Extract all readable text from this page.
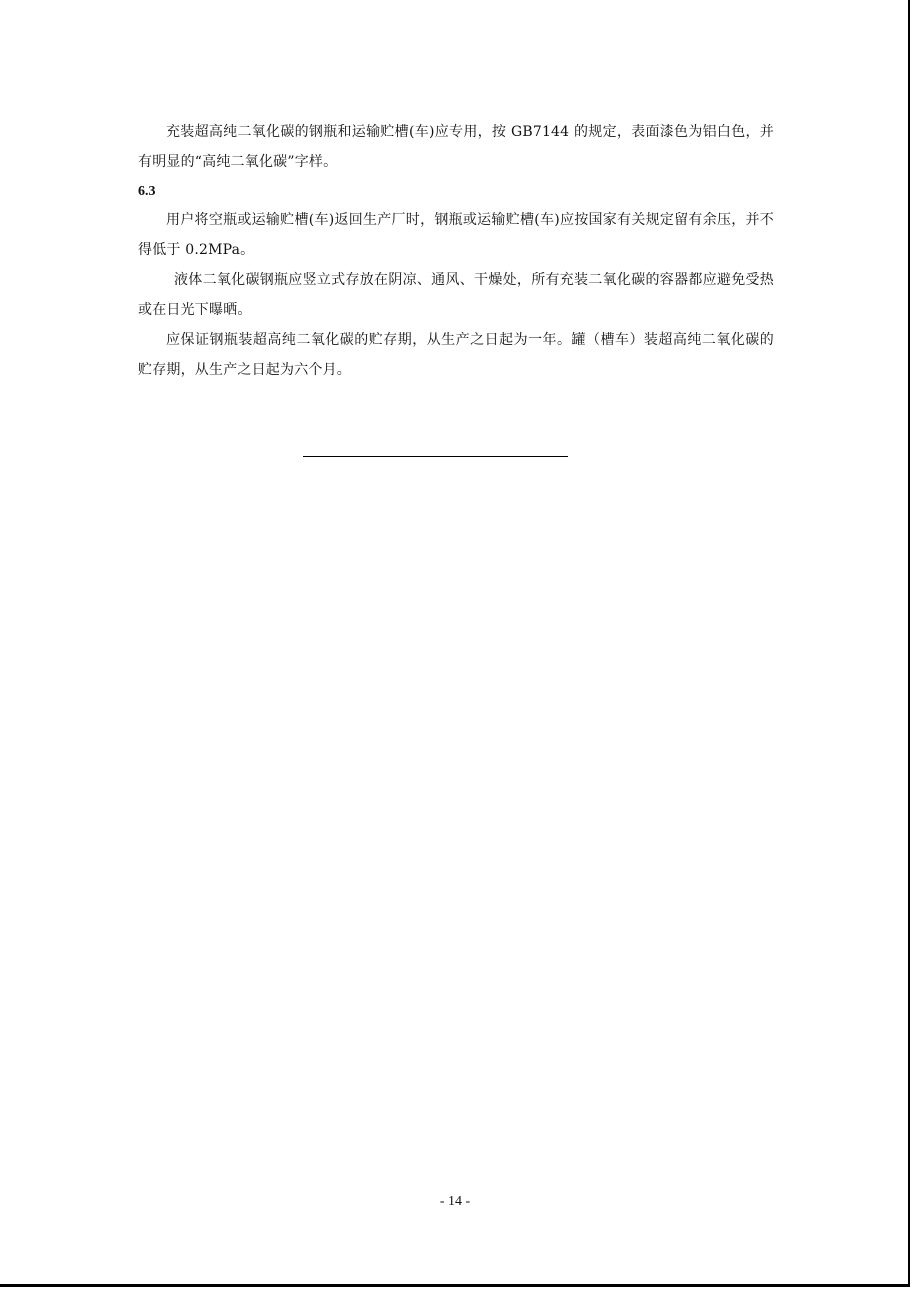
充装超高纯二氧化碳的钢瓶和运输贮槽(车)应专用，按 GB7144 的规定，表面漆色为铝白色，并有明显的“高纯二氧化碳”字样。

6.3

用户将空瓶或运输贮槽(车)返回生产厂时，钢瓶或运输贮槽(车)应按国家有关规定留有余压，并不得低于 0.2MPa。

液体二氧化碳钢瓶应竖立式存放在阴凉、通风、干燥处，所有充装二氧化碳的容器都应避免受热或在日光下曝晒。

应保证钢瓶装超高纯二氧化碳的贮存期，从生产之日起为一年。罐（槽车）装超高纯二氧化碳的贮存期，从生产之日起为六个月。

- 14 -
